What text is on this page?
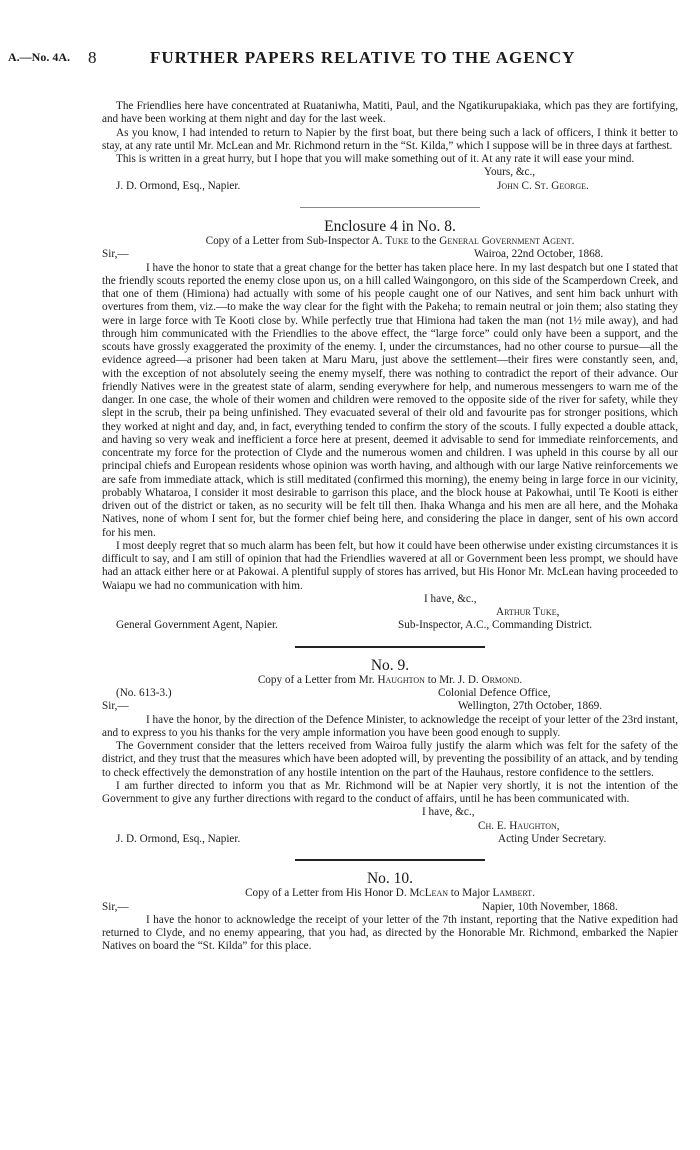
A.—No. 4A. 8	FURTHER PAPERS RELATIVE TO THE AGENCY

The Friendlies here have concentrated at Ruataniwha, Matiti, Paul, and the Ngatikurupakiaka, which pas they are fortifying, and have been working at them night and day for the last week.

As you know, I had intended to return to Napier by the first boat, but there being such a lack of officers, I think it better to stay, at any rate until Mr. McLean and Mr. Richmond return in the “St. Kilda,” which I suppose will be in three days at farthest.

This is written in a great hurry, but I hope that you will make something out of it. At any rate it will ease your mind.

Yours, &c.,
J. D. Ormond, Esq., Napier.	John C. St. George.
Enclosure 4 in No. 8.

Copy of a Letter from Sub-Inspector A. Tuke to the General Government Agent.

Sir,—	Wairoa, 22nd October, 1868.

I have the honor to state that a great change for the better has taken place here. In my last despatch but one I stated that the friendly scouts reported the enemy close upon us, on a hill called Waingongoro, on this side of the Scamperdown Creek, and that one of them (Himiona) had actually with some of his people caught one of our Natives, and sent him back unhurt with overtures from them, viz.—to make the way clear for the fight with the Pakeha; to remain neutral or join them; also stating they were in large force with Te Kooti close by. While perfectly true that Himiona had taken the man (not 1½ mile away), and had through him communicated with the Friendlies to the above effect, the “large force” could only have been a support, and the scouts have grossly exaggerated the proximity of the enemy. I, under the circumstances, had no other course to pursue—all the evidence agreed—a prisoner had been taken at Maru Maru, just above the settlement—their fires were constantly seen, and, with the exception of not absolutely seeing the enemy myself, there was nothing to contradict the report of their advance. Our friendly Natives were in the greatest state of alarm, sending everywhere for help, and numerous messengers to warn me of the danger. In one case, the whole of their women and children were removed to the opposite side of the river for safety, while they slept in the scrub, their pa being unfinished. They evacuated several of their old and favourite pas for stronger positions, which they worked at night and day, and, in fact, everything tended to confirm the story of the scouts. I fully expected a double attack, and having so very weak and inefficient a force here at present, deemed it advisable to send for immediate reinforcements, and concentrate my force for the protection of Clyde and the numerous women and children. I was upheld in this course by all our principal chiefs and European residents whose opinion was worth having, and although with our large Native reinforcements we are safe from immediate attack, which is still meditated (confirmed this morning), the enemy being in large force in our vicinity, probably Whataroa, I consider it most desirable to garrison this place, and the block house at Pakowhai, until Te Kooti is either driven out of the district or taken, as no security will be felt till then. Ihaka Whanga and his men are all here, and the Mohaka Natives, none of whom I sent for, but the former chief being here, and considering the place in danger, sent of his own accord for his men.

I most deeply regret that so much alarm has been felt, but how it could have been otherwise under existing circumstances it is difficult to say, and I am still of opinion that had the Friendlies wavered at all or Government been less prompt, we should have had an attack either here or at Pakowai. A plentiful supply of stores has arrived, but His Honor Mr. McLean having proceeded to Waiapu we had no communication with him.

I have, &c.,
Arthur Tuke,
General Government Agent, Napier.	Sub-Inspector, A.C., Commanding District.
No. 9.

Copy of a Letter from Mr. Haughton to Mr. J. D. Ormond.

(No. 613-3.)	Colonial Defence Office,
Sir,—	Wellington, 27th October, 1869.

I have the honor, by the direction of the Defence Minister, to acknowledge the receipt of your letter of the 23rd instant, and to express to you his thanks for the very ample information you have been good enough to supply.

The Government consider that the letters received from Wairoa fully justify the alarm which was felt for the safety of the district, and they trust that the measures which have been adopted will, by preventing the possibility of an attack, and by tending to check effectively the demonstration of any hostile intention on the part of the Hauhaus, restore confidence to the settlers.

I am further directed to inform you that as Mr. Richmond will be at Napier very shortly, it is not the intention of the Government to give any further directions with regard to the conduct of affairs, until he has been communicated with.

I have, &c.,
Ch. E. Haughton,
J. D. Ormond, Esq., Napier.	Acting Under Secretary.
No. 10.

Copy of a Letter from His Honor D. McLean to Major Lambert.

Sir,—	Napier, 10th November, 1868.

I have the honor to acknowledge the receipt of your letter of the 7th instant, reporting that the Native expedition had returned to Clyde, and no enemy appearing, that you had, as directed by the Honorable Mr. Richmond, embarked the Napier Natives on board the “St. Kilda” for this place.
